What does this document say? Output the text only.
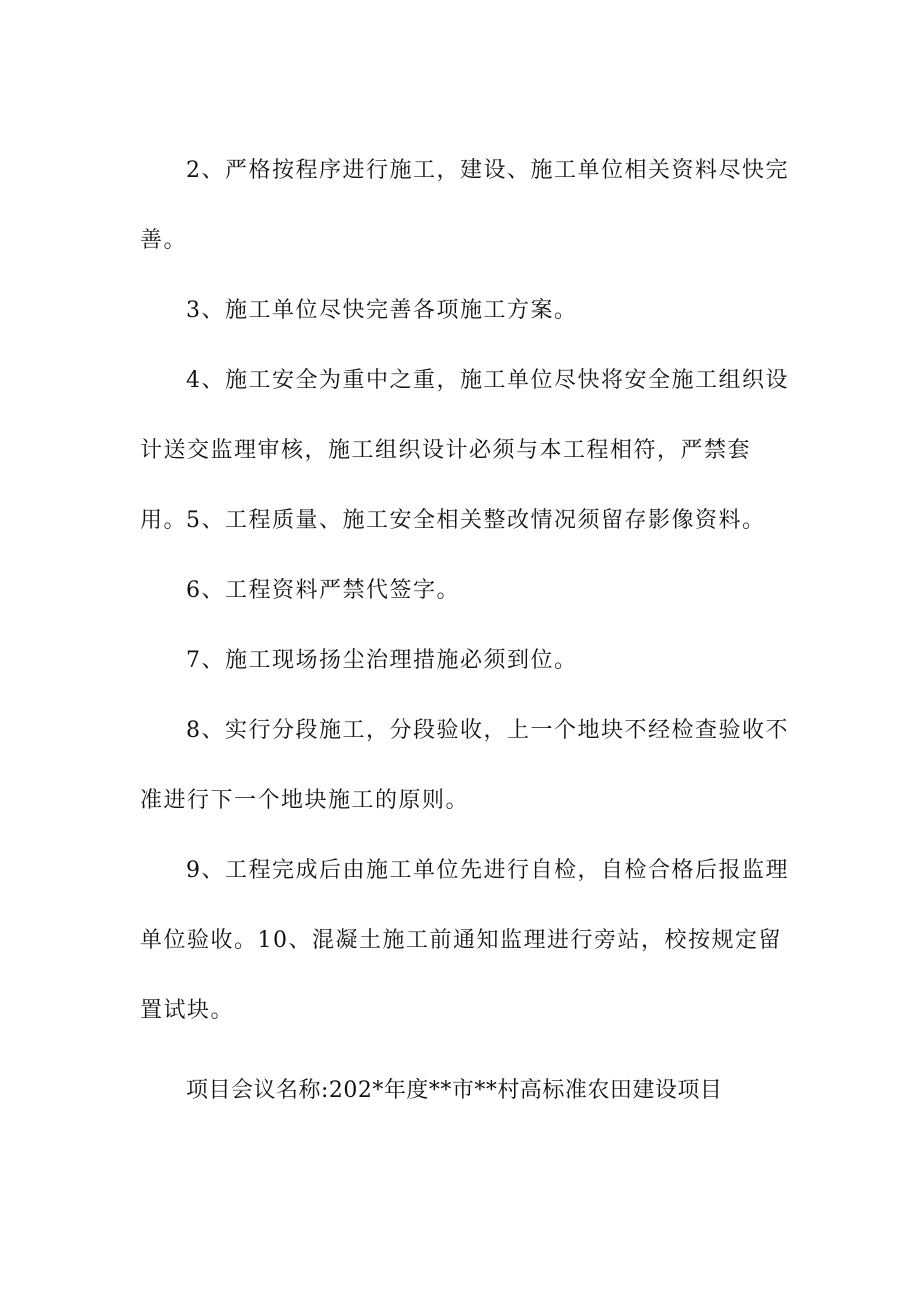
2、严格按程序进行施工，建设、施工单位相关资料尽快完善。

3、施工单位尽快完善各项施工方案。

4、施工安全为重中之重，施工单位尽快将安全施工组织设计送交监理审核，施工组织设计必须与本工程相符，严禁套用。

5、工程质量、施工安全相关整改情况须留存影像资料。

6、工程资料严禁代签字。

7、施工现场扬尘治理措施必须到位。

8、实行分段施工，分段验收，上一个地块不经检查验收不准进行下一个地块施工的原则。

9、工程完成后由施工单位先进行自检，自检合格后报监理单位验收。10、混凝土施工前通知监理进行旁站，校按规定留置试块。

项目会议名称:202*年度**市**村高标准农田建设项目
